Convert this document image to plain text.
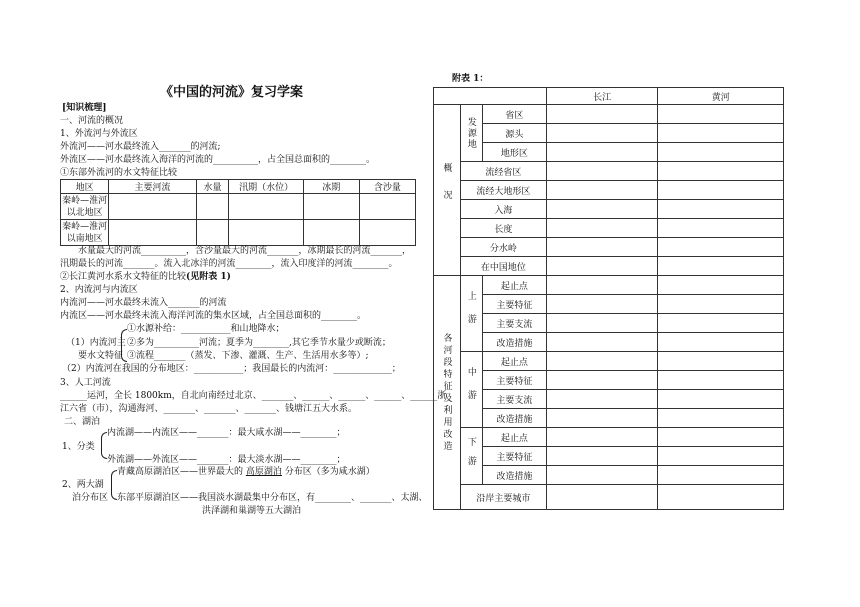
《中国的河流》复习学案
[知识梳理]
一、河流的概况
1、外流河与外流区
外流河——河水最终流入_______的河流;
外流区——河水最终流入海洋的河流的__________，占全国总面积的________。
①东部外流河的水文特征比较
地区	主要河流	水量	汛期（水位）	冰期	含沙量
秦岭—淮河以北地区					
秦岭—淮河以南地区					
水量最大的河流__________，含沙量最大的河流_______，冰期最长的河流_______，
汛期最长的河流_______。流入北冰洋的河流________，流入印度洋的河流________。
②长江黄河水系水文特征的比较(见附表 1)
2、内流河与内流区
内流河——河水最终未流入_______的河流
内流区——河水最终未流入海洋河流的集水区域，占全国总面积的________。
（1）内流河主
要水文特征
①水源补给：___________和山地降水；
②多为__________河流；夏季为________,其它季节水量少或断流；
③流程_______（蒸发、下渗、灌溉、生产、生活用水多等）;
（2）内流河在我国的分布地区：___________；我国最长的内流河：_____________；
3、人工河流
______运河，全长 1800km，自北向南经过北京、_______、______、______、______、______浙
江六省（市），沟通海河、_______、_______、_______、钱塘江五大水系。
二、湖泊
1、分类
内流湖——内流区——_______：最大咸水湖——________；
外流湖——外流区——_______：最大淡水湖——________；
2、两大湖
泊分布区
青藏高原湖泊区——世界最大的 高原湖泊 分布区（多为咸水湖）
东部平原湖泊区——我国淡水湖最集中分布区，有________、_______、太湖、
洪泽湖和巢湖等五大湖泊
附表 1：
			长江	黄河

概况	发源地	省区		
		源头		
		地形区		
	流经省区			
	流经大地形区			
	入海			
	长度			
	分水岭			
	在中国地位			

各河段特征及利用改造	上游	起止点		
		主要特征		
		主要支流		
		改造措施		

	中游	起止点		
		主要特征		
		主要支流		
		改造措施		

	下游	起止点		
		主要特征		
		改造措施		
	沿岸主要城市			
